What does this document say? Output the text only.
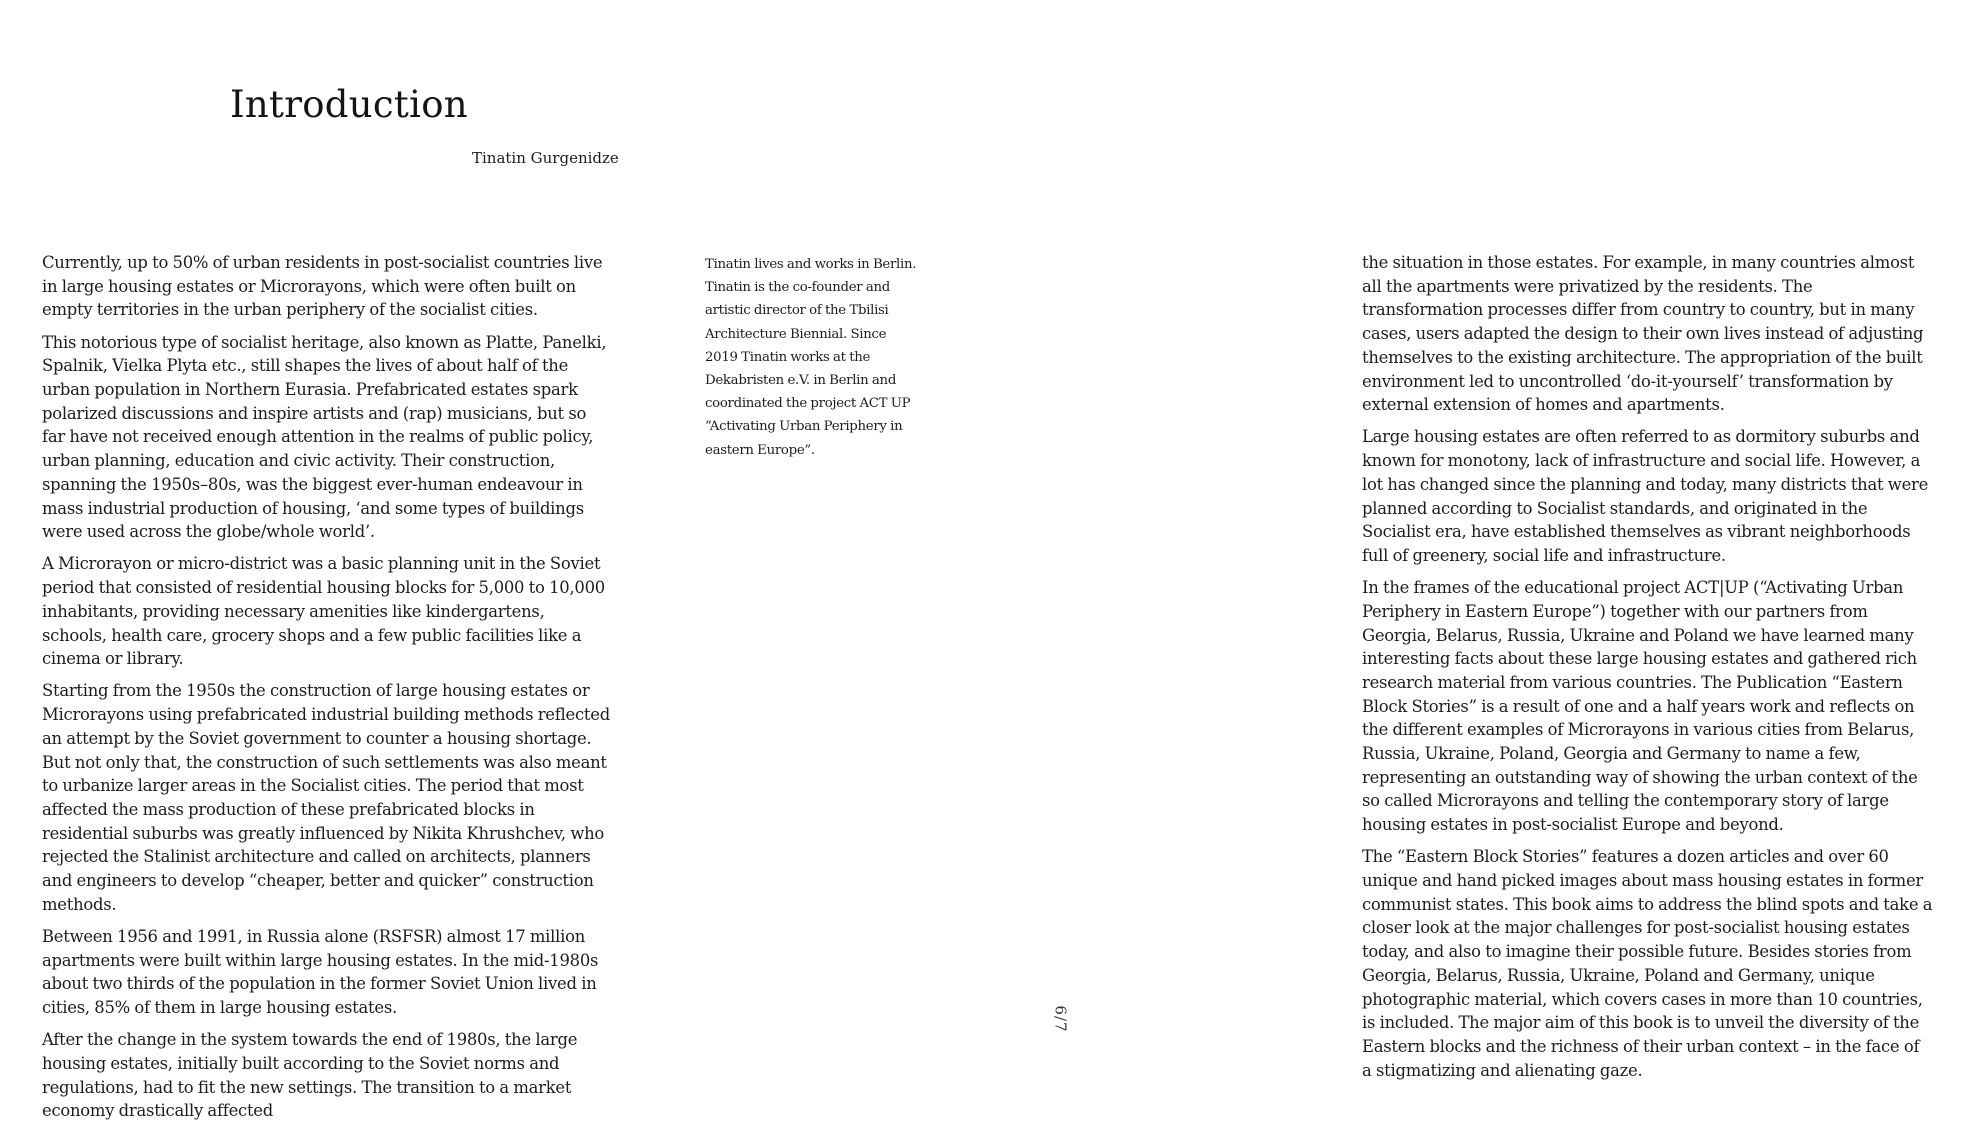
Introduction
Tinatin Gurgenidze

Currently, up to 50% of urban residents in post-socialist countries live in large housing estates or Microrayons, which were often built on empty territories in the urban periphery of the socialist cities.

This notorious type of socialist heritage, also known as Platte, Panelki, Spalnik, Vielka Plyta etc., still shapes the lives of about half of the urban population in Northern Eurasia. Prefabricated estates spark polarized discussions and inspire artists and (rap) musicians, but so far have not received enough attention in the realms of public policy, urban planning, education and civic activity. Their construction, spanning the 1950s–80s, was the biggest ever-human endeavour in mass industrial production of housing, ‘and some types of buildings were used across the globe/whole world’.

A Microrayon or micro-district was a basic planning unit in the Soviet period that consisted of residential housing blocks for 5,000 to 10,000 inhabitants, providing necessary amenities like kindergartens, schools, health care, grocery shops and a few public facilities like a cinema or library.

Starting from the 1950s the construction of large housing estates or Microrayons using prefabricated industrial building methods reflected an attempt by the Soviet government to counter a housing shortage. But not only that, the construction of such settlements was also meant to urbanize larger areas in the Socialist cities. The period that most affected the mass production of these prefabricated blocks in residential suburbs was greatly influenced by Nikita Khrushchev, who rejected the Stalinist architecture and called on architects, planners and engineers to develop “cheaper, better and quicker” construction methods.

Between 1956 and 1991, in Russia alone (RSFSR) almost 17 million apartments were built within large housing estates. In the mid-1980s about two thirds of the population in the former Soviet Union lived in cities, 85% of them in large housing estates.

After the change in the system towards the end of 1980s, the large housing estates, initially built according to the Soviet norms and regulations, had to fit the new settings. The transition to a market economy drastically affected

Tinatin lives and works in Berlin.

Tinatin is the co-founder and

artistic director of the Tbilisi

Architecture Biennial. Since

2019 Tinatin works at the

Dekabristen e.V. in Berlin and

coordinated the project ACT UP

“Activating Urban Periphery in

eastern Europe”.

6/7

the situation in those estates. For example, in many countries almost all the apartments were privatized by the residents. The transformation processes differ from country to country, but in many cases, users adapted the design to their own lives instead of adjusting themselves to the existing architecture. The appropriation of the built environment led to uncontrolled ‘do-it-yourself’ transformation by external extension of homes and apartments.

Large housing estates are often referred to as dormitory suburbs and known for monotony, lack of infrastructure and social life. However, a lot has changed since the planning and today, many districts that were planned according to Socialist standards, and originated in the Socialist era, have established themselves as vibrant neighborhoods full of greenery, social life and infrastructure.

In the frames of the educational project ACT|UP (“Activating Urban Periphery in Eastern Europe”) together with our partners from Georgia, Belarus, Russia, Ukraine and Poland we have learned many interesting facts about these large housing estates and gathered rich research material from various countries. The Publication “Eastern Block Stories” is a result of one and a half years work and reflects on the different examples of Microrayons in various cities from Belarus, Russia, Ukraine, Poland, Georgia and Germany to name a few, representing an outstanding way of showing the urban context of the so called Microrayons and telling the contemporary story of large housing estates in post-socialist Europe and beyond.

The “Eastern Block Stories” features a dozen articles and over 60 unique and hand picked images about mass housing estates in former communist states. This book aims to address the blind spots and take a closer look at the major challenges for post-socialist housing estates today, and also to imagine their possible future. Besides stories from Georgia, Belarus, Russia, Ukraine, Poland and Germany, unique photographic material, which covers cases in more than 10 countries, is included. The major aim of this book is to unveil the diversity of the Eastern blocks and the richness of their urban context – in the face of a stigmatizing and alienating gaze.
